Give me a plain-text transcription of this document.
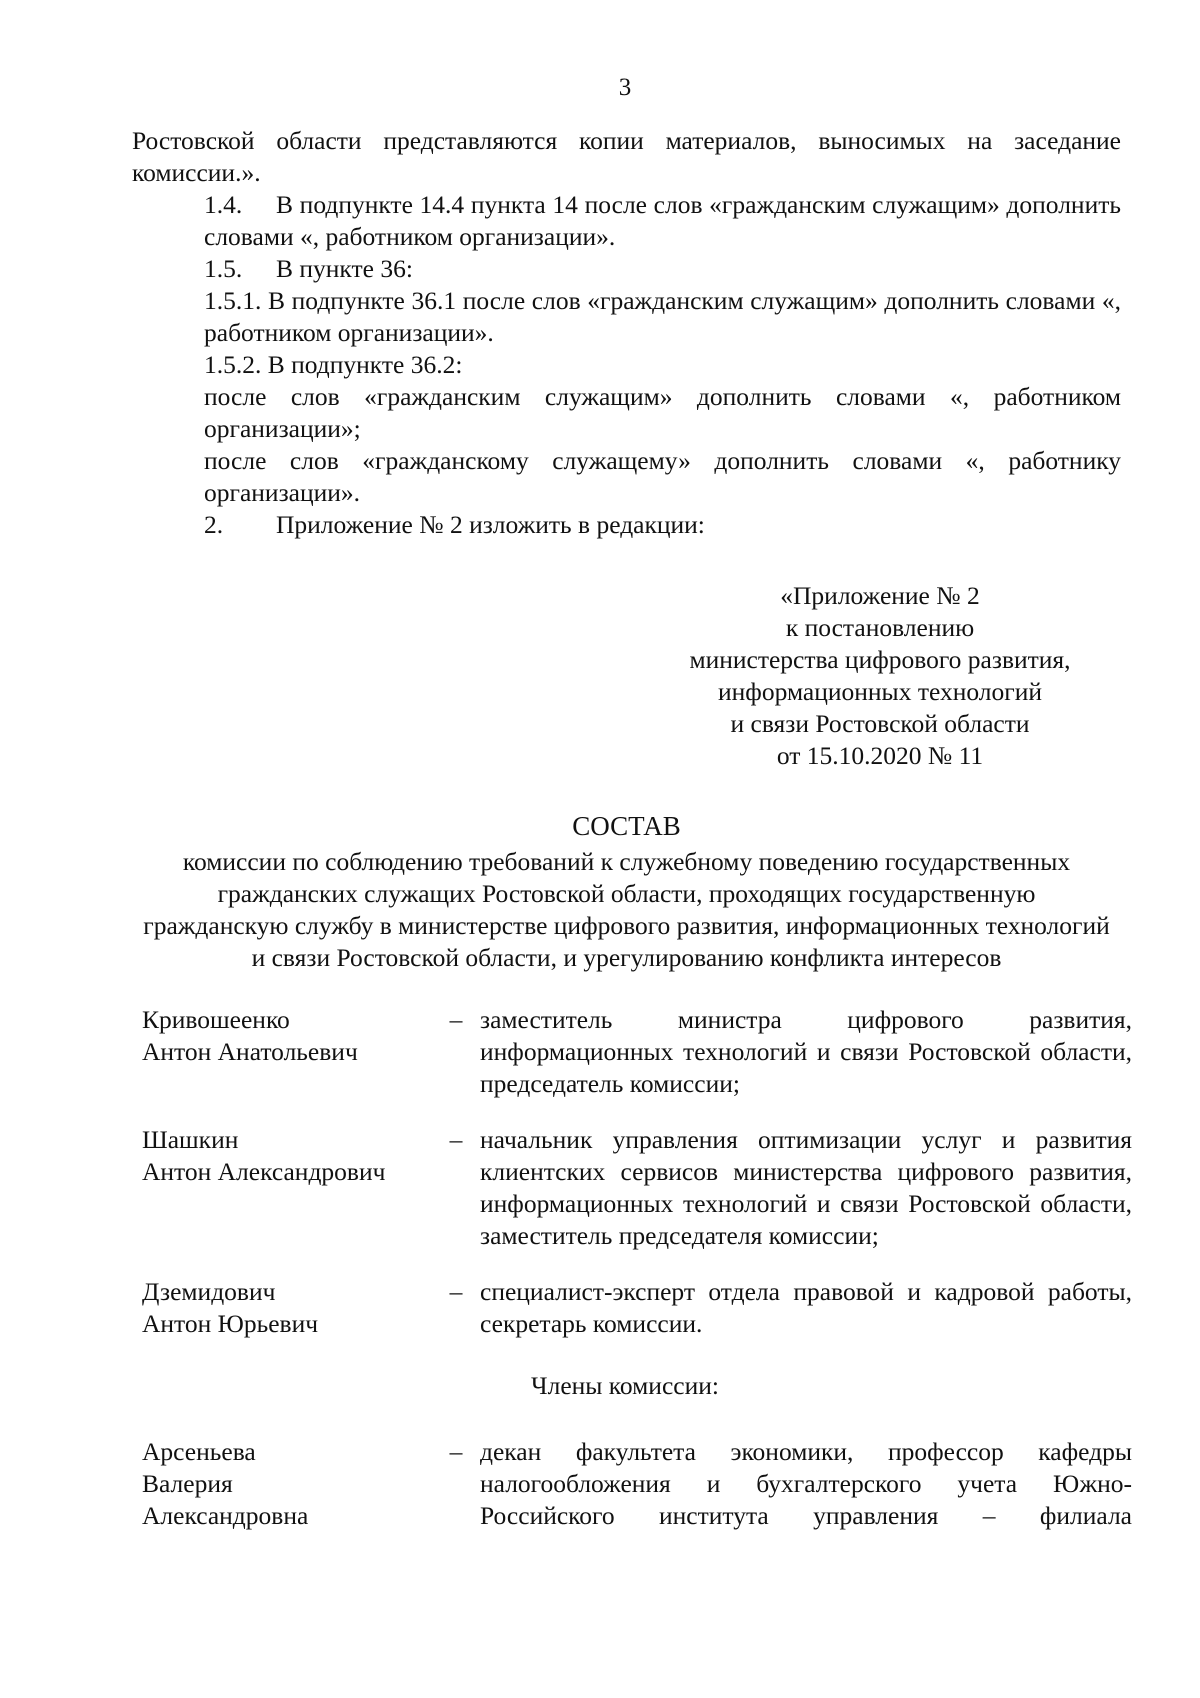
3

Ростовской области представляются копии материалов, выносимых на заседание комиссии.».

1.4. В подпункте 14.4 пункта 14 после слов «гражданским служащим» дополнить словами «, работником организации».

1.5. В пункте 36:

1.5.1. В подпункте 36.1 после слов «гражданским служащим» дополнить словами «, работником организации».

1.5.2. В подпункте 36.2:

после слов «гражданским служащим» дополнить словами «, работником организации»;

после слов «гражданскому служащему» дополнить словами «, работнику организации».

2. Приложение № 2 изложить в редакции:

«Приложение № 2
к постановлению
министерства цифрового развития,
информационных технологий
и связи Ростовской области
от 15.10.2020 № 11
СОСТАВ
комиссии по соблюдению требований к служебному поведению государственных гражданских служащих Ростовской области, проходящих государственную гражданскую службу в министерстве цифрового развития, информационных технологий и связи Ростовской области, и урегулированию конфликта интересов
Кривошеенко
Антон Анатольевич
– заместитель министра цифрового развития, информационных технологий и связи Ростовской области, председатель комиссии;
Шашкин
Антон Александрович
– начальник управления оптимизации услуг и развития клиентских сервисов министерства цифрового развития, информационных технологий и связи Ростовской области, заместитель председателя комиссии;
Дземидович
Антон Юрьевич
– специалист-эксперт отдела правовой и кадровой работы, секретарь комиссии.
Члены комиссии:
Арсеньева
Валерия
Александровна
– декан факультета экономики, профессор кафедры налогообложения и бухгалтерского учета Южно-Российского института управления – филиала
